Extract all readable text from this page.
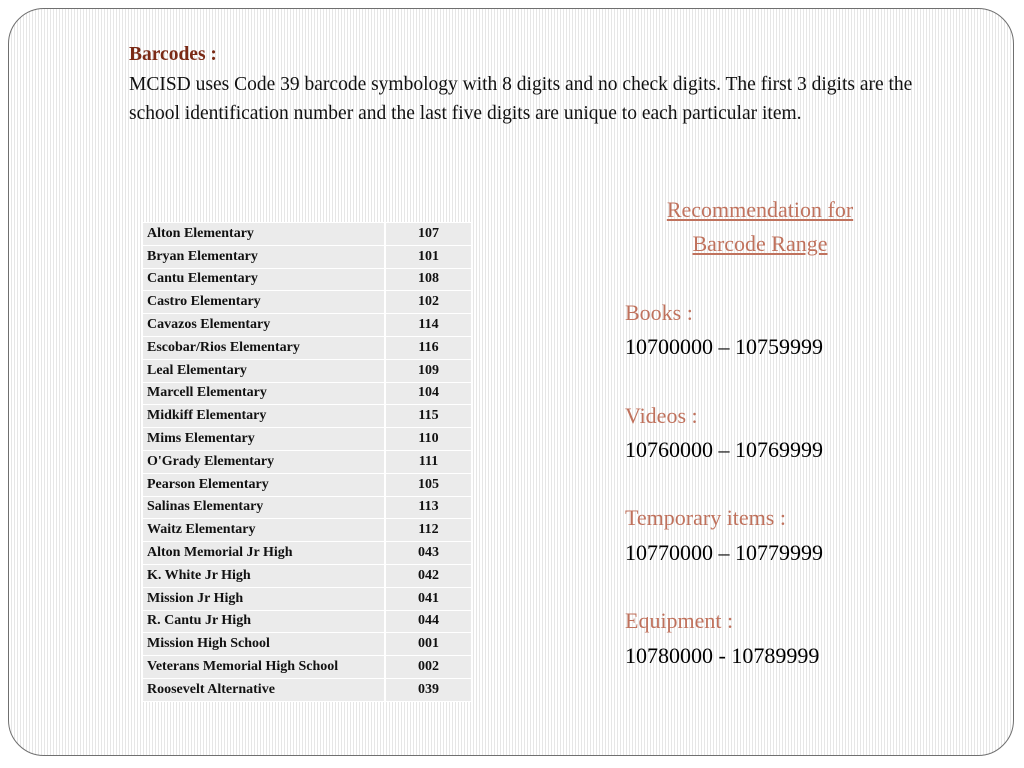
Barcodes :
MCISD uses Code 39 barcode symbology with 8 digits and no check digits. The first 3 digits are the school identification number and the last five digits are unique to each particular item.
Alton Elementary	107
Bryan Elementary	101
Cantu Elementary	108
Castro Elementary	102
Cavazos Elementary	114
Escobar/Rios Elementary	116
Leal Elementary	109
Marcell Elementary	104
Midkiff Elementary	115
Mims Elementary	110
O'Grady Elementary	111
Pearson Elementary	105
Salinas Elementary	113
Waitz Elementary	112
Alton Memorial Jr High	043
K. White Jr High	042
Mission Jr High	041
R. Cantu Jr High	044
Mission High School	001
Veterans Memorial High School	002
Roosevelt Alternative	039
Recommendation for
Barcode Range
Books :
10700000 – 10759999
Videos :
10760000 – 10769999
Temporary items :
10770000 – 10779999
Equipment :
10780000 - 10789999
